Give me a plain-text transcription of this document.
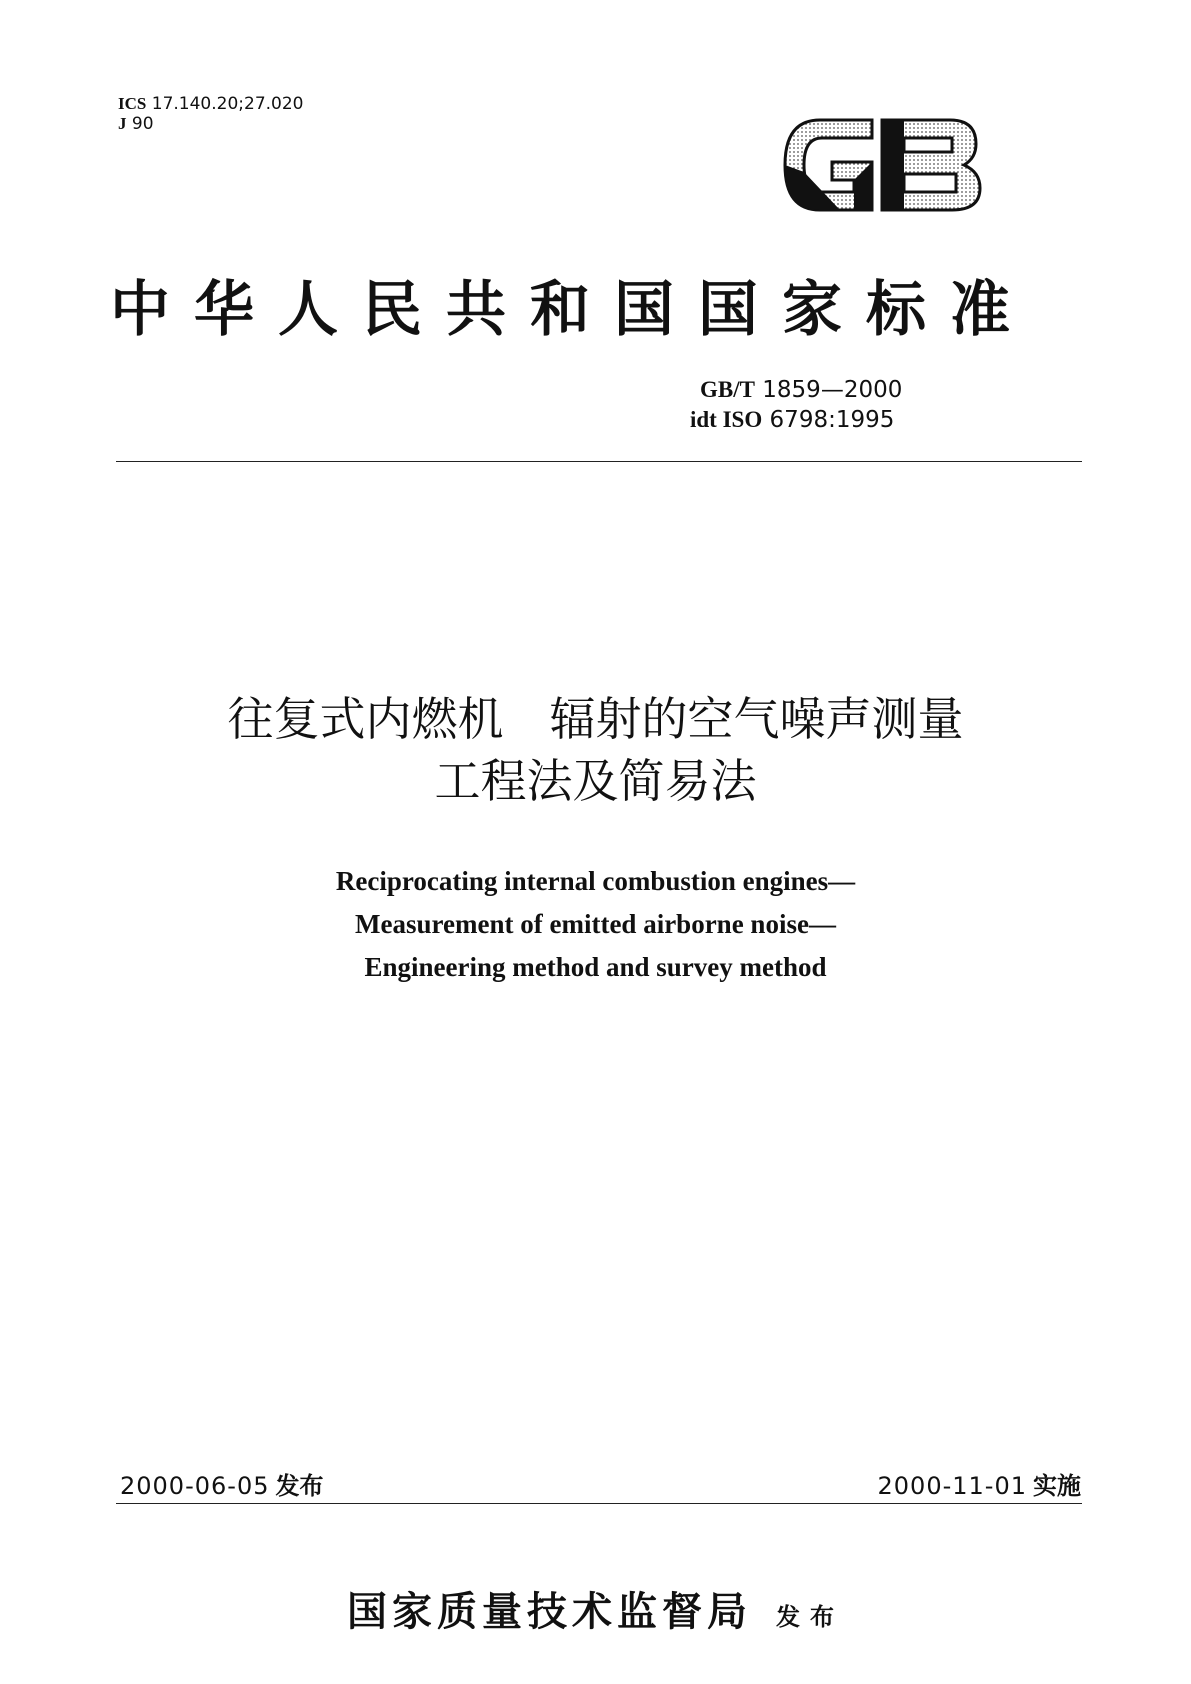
ICS 17.140.20;27.020
J 90
中华人民共和国国家标准
GB/T 1859—2000
idt ISO 6798:1995
往复式内燃机　辐射的空气噪声测量
工程法及简易法
Reciprocating internal combustion engines—
Measurement of emitted airborne noise—
Engineering method and survey method
2000-06-05 发布	2000-11-01 实施
国家质量技术监督局 发布
